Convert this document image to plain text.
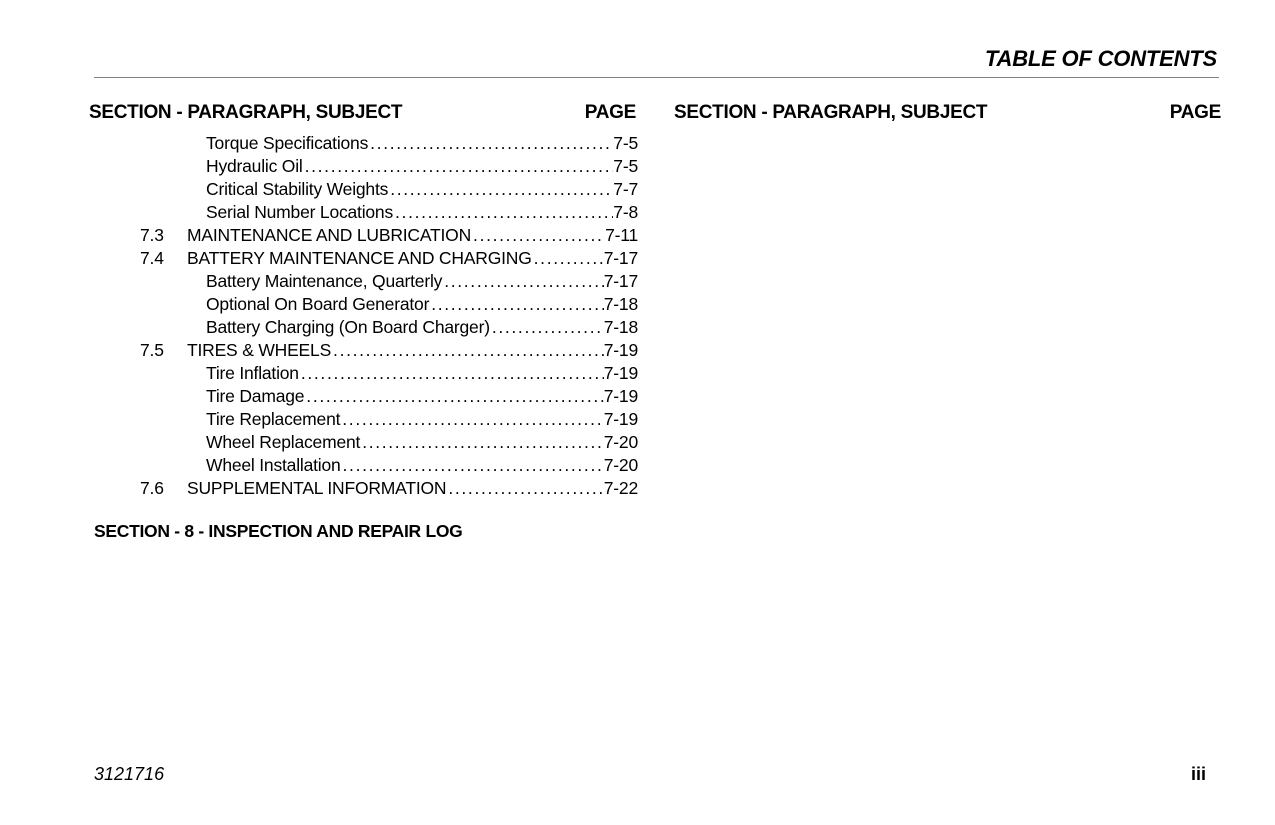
TABLE OF CONTENTS
SECTION - PARAGRAPH, SUBJECT	PAGE SECTION - PARAGRAPH, SUBJECT	PAGE
Torque Specifications . . .	7-5
Hydraulic Oil . . .	7-5
Critical Stability Weights . . .	7-7
Serial Number Locations . . .	7-8
7.3 MAINTENANCE AND LUBRICATION . . .	7-11
7.4 BATTERY MAINTENANCE AND CHARGING . . .	7-17
Battery Maintenance, Quarterly . . .	7-17
Optional On Board Generator . . .	7-18
Battery Charging (On Board Charger) . . .	7-18
7.5 TIRES & WHEELS . . .	7-19
Tire Inflation . . .	7-19
Tire Damage . . .	7-19
Tire Replacement . . .	7-19
Wheel Replacement . . .	7-20
Wheel Installation . . .	7-20
7.6 SUPPLEMENTAL INFORMATION . . .	7-22
SECTION - 8 - INSPECTION AND REPAIR LOG
3121716	iii
